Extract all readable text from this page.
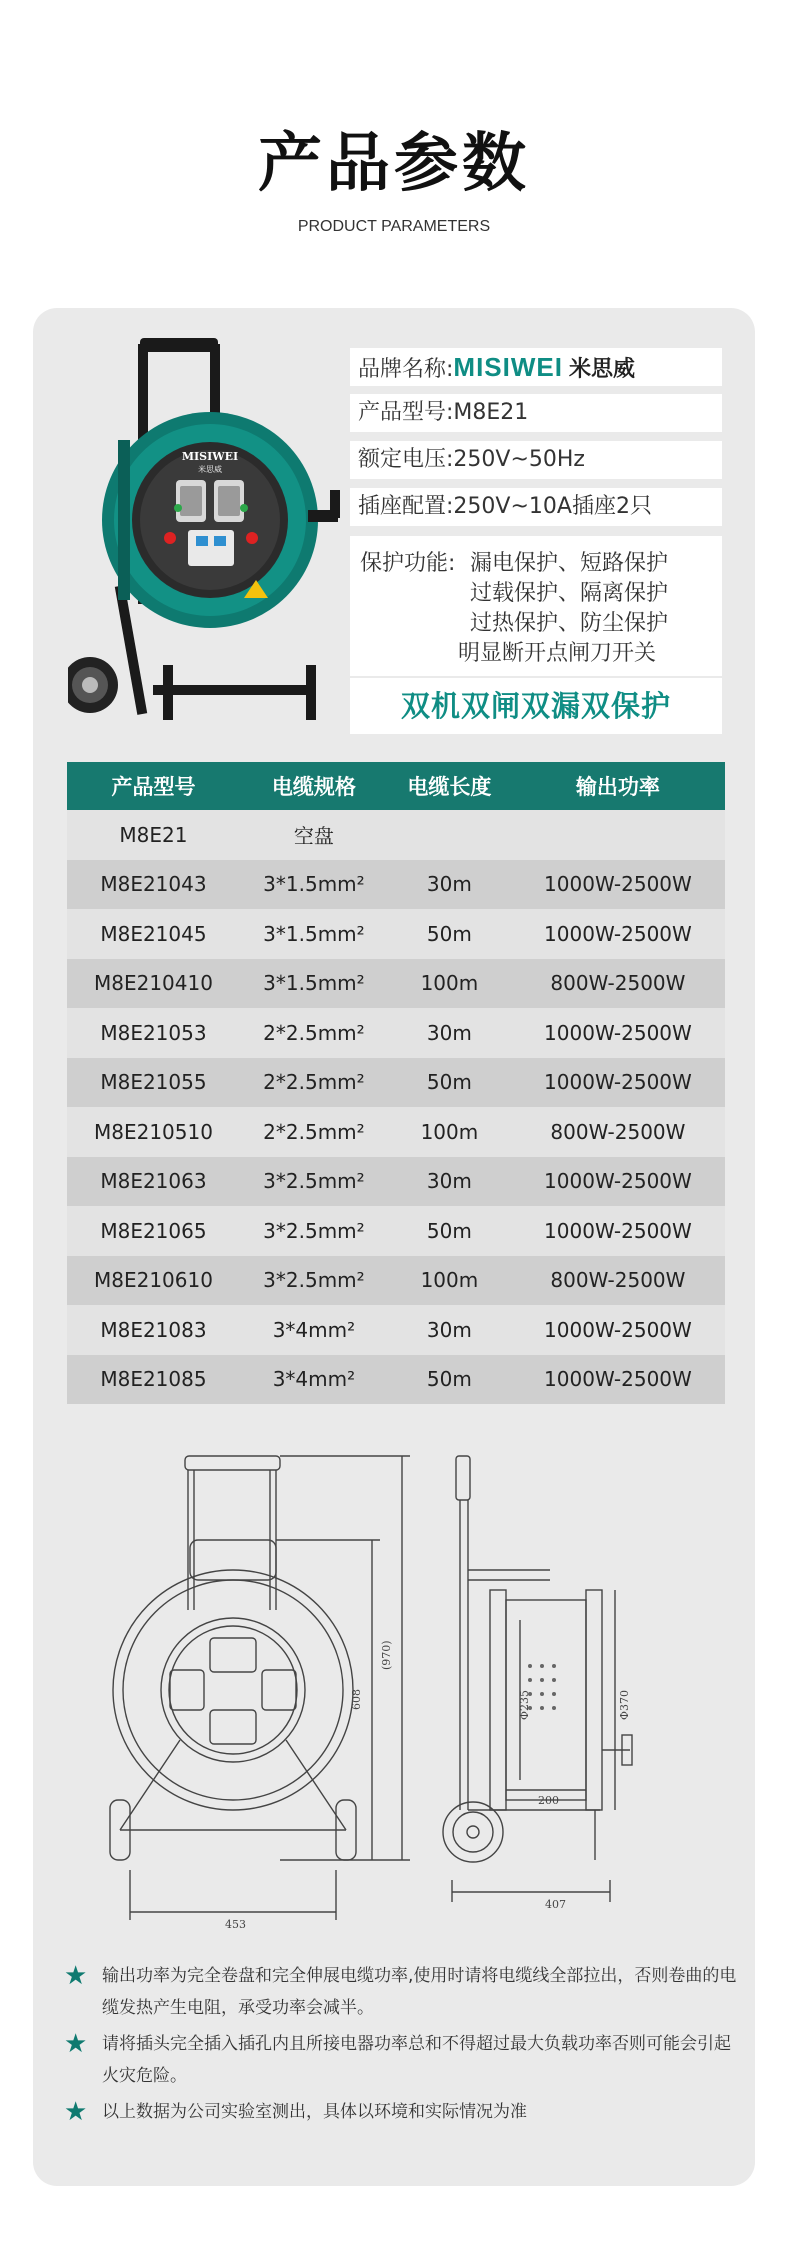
产品参数
PRODUCT PARAMETERS
MISIWEI
米思威
品牌名称:MISIWEI 米思威
产品型号:M8E21
额定电压:250V~50Hz
插座配置:250V~10A插座2只
保护功能: 漏电保护、短路保护
过载保护、隔离保护
过热保护、防尘保护
明显断开点闸刀开关
双机双闸双漏双保护
产品型号	电缆规格	电缆长度	输出功率
M8E21	空盘		
M8E21043	3*1.5mm²	30m	1000W-2500W
M8E21045	3*1.5mm²	50m	1000W-2500W
M8E210410	3*1.5mm²	100m	800W-2500W
M8E21053	2*2.5mm²	30m	1000W-2500W
M8E21055	2*2.5mm²	50m	1000W-2500W
M8E210510	2*2.5mm²	100m	800W-2500W
M8E21063	3*2.5mm²	30m	1000W-2500W
M8E21065	3*2.5mm²	50m	1000W-2500W
M8E210610	3*2.5mm²	100m	800W-2500W
M8E21083	3*4mm²	30m	1000W-2500W
M8E21085	3*4mm²	50m	1000W-2500W
(970)
608
453
Φ235	Φ370
200
407
★ 输出功率为完全卷盘和完全伸展电缆功率,使用时请将电缆线全部拉出，否则卷曲的电缆发热产生电阻，承受功率会减半。
★ 请将插头完全插入插孔内且所接电器功率总和不得超过最大负载功率否则可能会引起火灾危险。
★ 以上数据为公司实验室测出，具体以环境和实际情况为准
